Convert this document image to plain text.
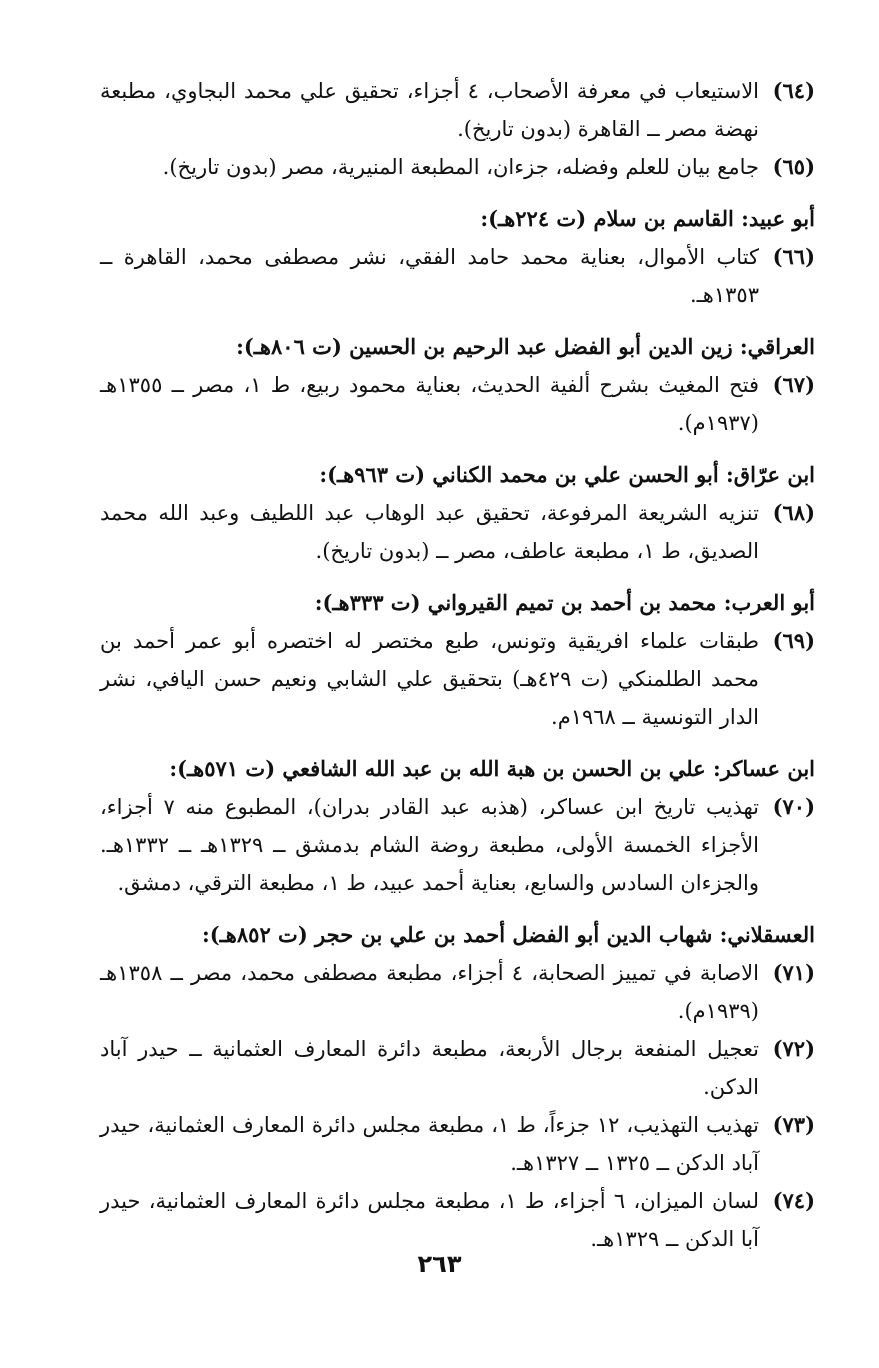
(٦٤)
الاستيعاب في معرفة الأصحاب، ٤ أجزاء، تحقيق علي محمد البجاوي، مطبعة نهضة مصر ــ القاهرة (بدون تاريخ).
(٦٥)
جامع بيان للعلم وفضله، جزءان، المطبعة المنيرية، مصر (بدون تاريخ).
أبو عبيد: القاسم بن سلام (ت ٢٢٤هـ):
(٦٦)
كتاب الأموال، بعناية محمد حامد الفقي، نشر مصطفى محمد، القاهرة ــ ١٣٥٣هـ.
العراقي: زين الدين أبو الفضل عبد الرحيم بن الحسين (ت ٨٠٦هـ):
(٦٧)
فتح المغيث بشرح ألفية الحديث، بعناية محمود ربيع، ط ١، مصر ــ ١٣٥٥هـ (١٩٣٧م).
ابن عرّاق: أبو الحسن علي بن محمد الكناني (ت ٩٦٣هـ):
(٦٨)
تنزيه الشريعة المرفوعة، تحقيق عبد الوهاب عبد اللطيف وعبد الله محمد الصديق، ط ١، مطبعة عاطف، مصر ــ (بدون تاريخ).
أبو العرب: محمد بن أحمد بن تميم القيرواني (ت ٣٣٣هـ):
(٦٩)
طبقات علماء افريقية وتونس، طبع مختصر له اختصره أبو عمر أحمد بن محمد الطلمنكي (ت ٤٢٩هـ) بتحقيق علي الشابي ونعيم حسن اليافي، نشر الدار التونسية ــ ١٩٦٨م.
ابن عساكر: علي بن الحسن بن هبة الله بن عبد الله الشافعي (ت ٥٧١هـ):
(٧٠)
تهذيب تاريخ ابن عساكر، (هذبه عبد القادر بدران)، المطبوع منه ٧ أجزاء، الأجزاء الخمسة الأولى، مطبعة روضة الشام بدمشق ــ ١٣٢٩هـ ــ ١٣٣٢هـ. والجزءان السادس والسابع، بعناية أحمد عبيد، ط ١، مطبعة الترقي، دمشق.
العسقلاني: شهاب الدين أبو الفضل أحمد بن علي بن حجر (ت ٨٥٢هـ):
(٧١)
الاصابة في تمييز الصحابة، ٤ أجزاء، مطبعة مصطفى محمد، مصر ــ ١٣٥٨هـ (١٩٣٩م).
(٧٢)
تعجيل المنفعة برجال الأربعة، مطبعة دائرة المعارف العثمانية ــ حيدر آباد الدكن.
(٧٣)
تهذيب التهذيب، ١٢ جزءاً، ط ١، مطبعة مجلس دائرة المعارف العثمانية، حيدر آباد الدكن ــ ١٣٢٥ ــ ١٣٢٧هـ.
(٧٤)
لسان الميزان، ٦ أجزاء، ط ١، مطبعة مجلس دائرة المعارف العثمانية، حيدر آبا الدكن ــ ١٣٢٩هـ.
٢٦٣
